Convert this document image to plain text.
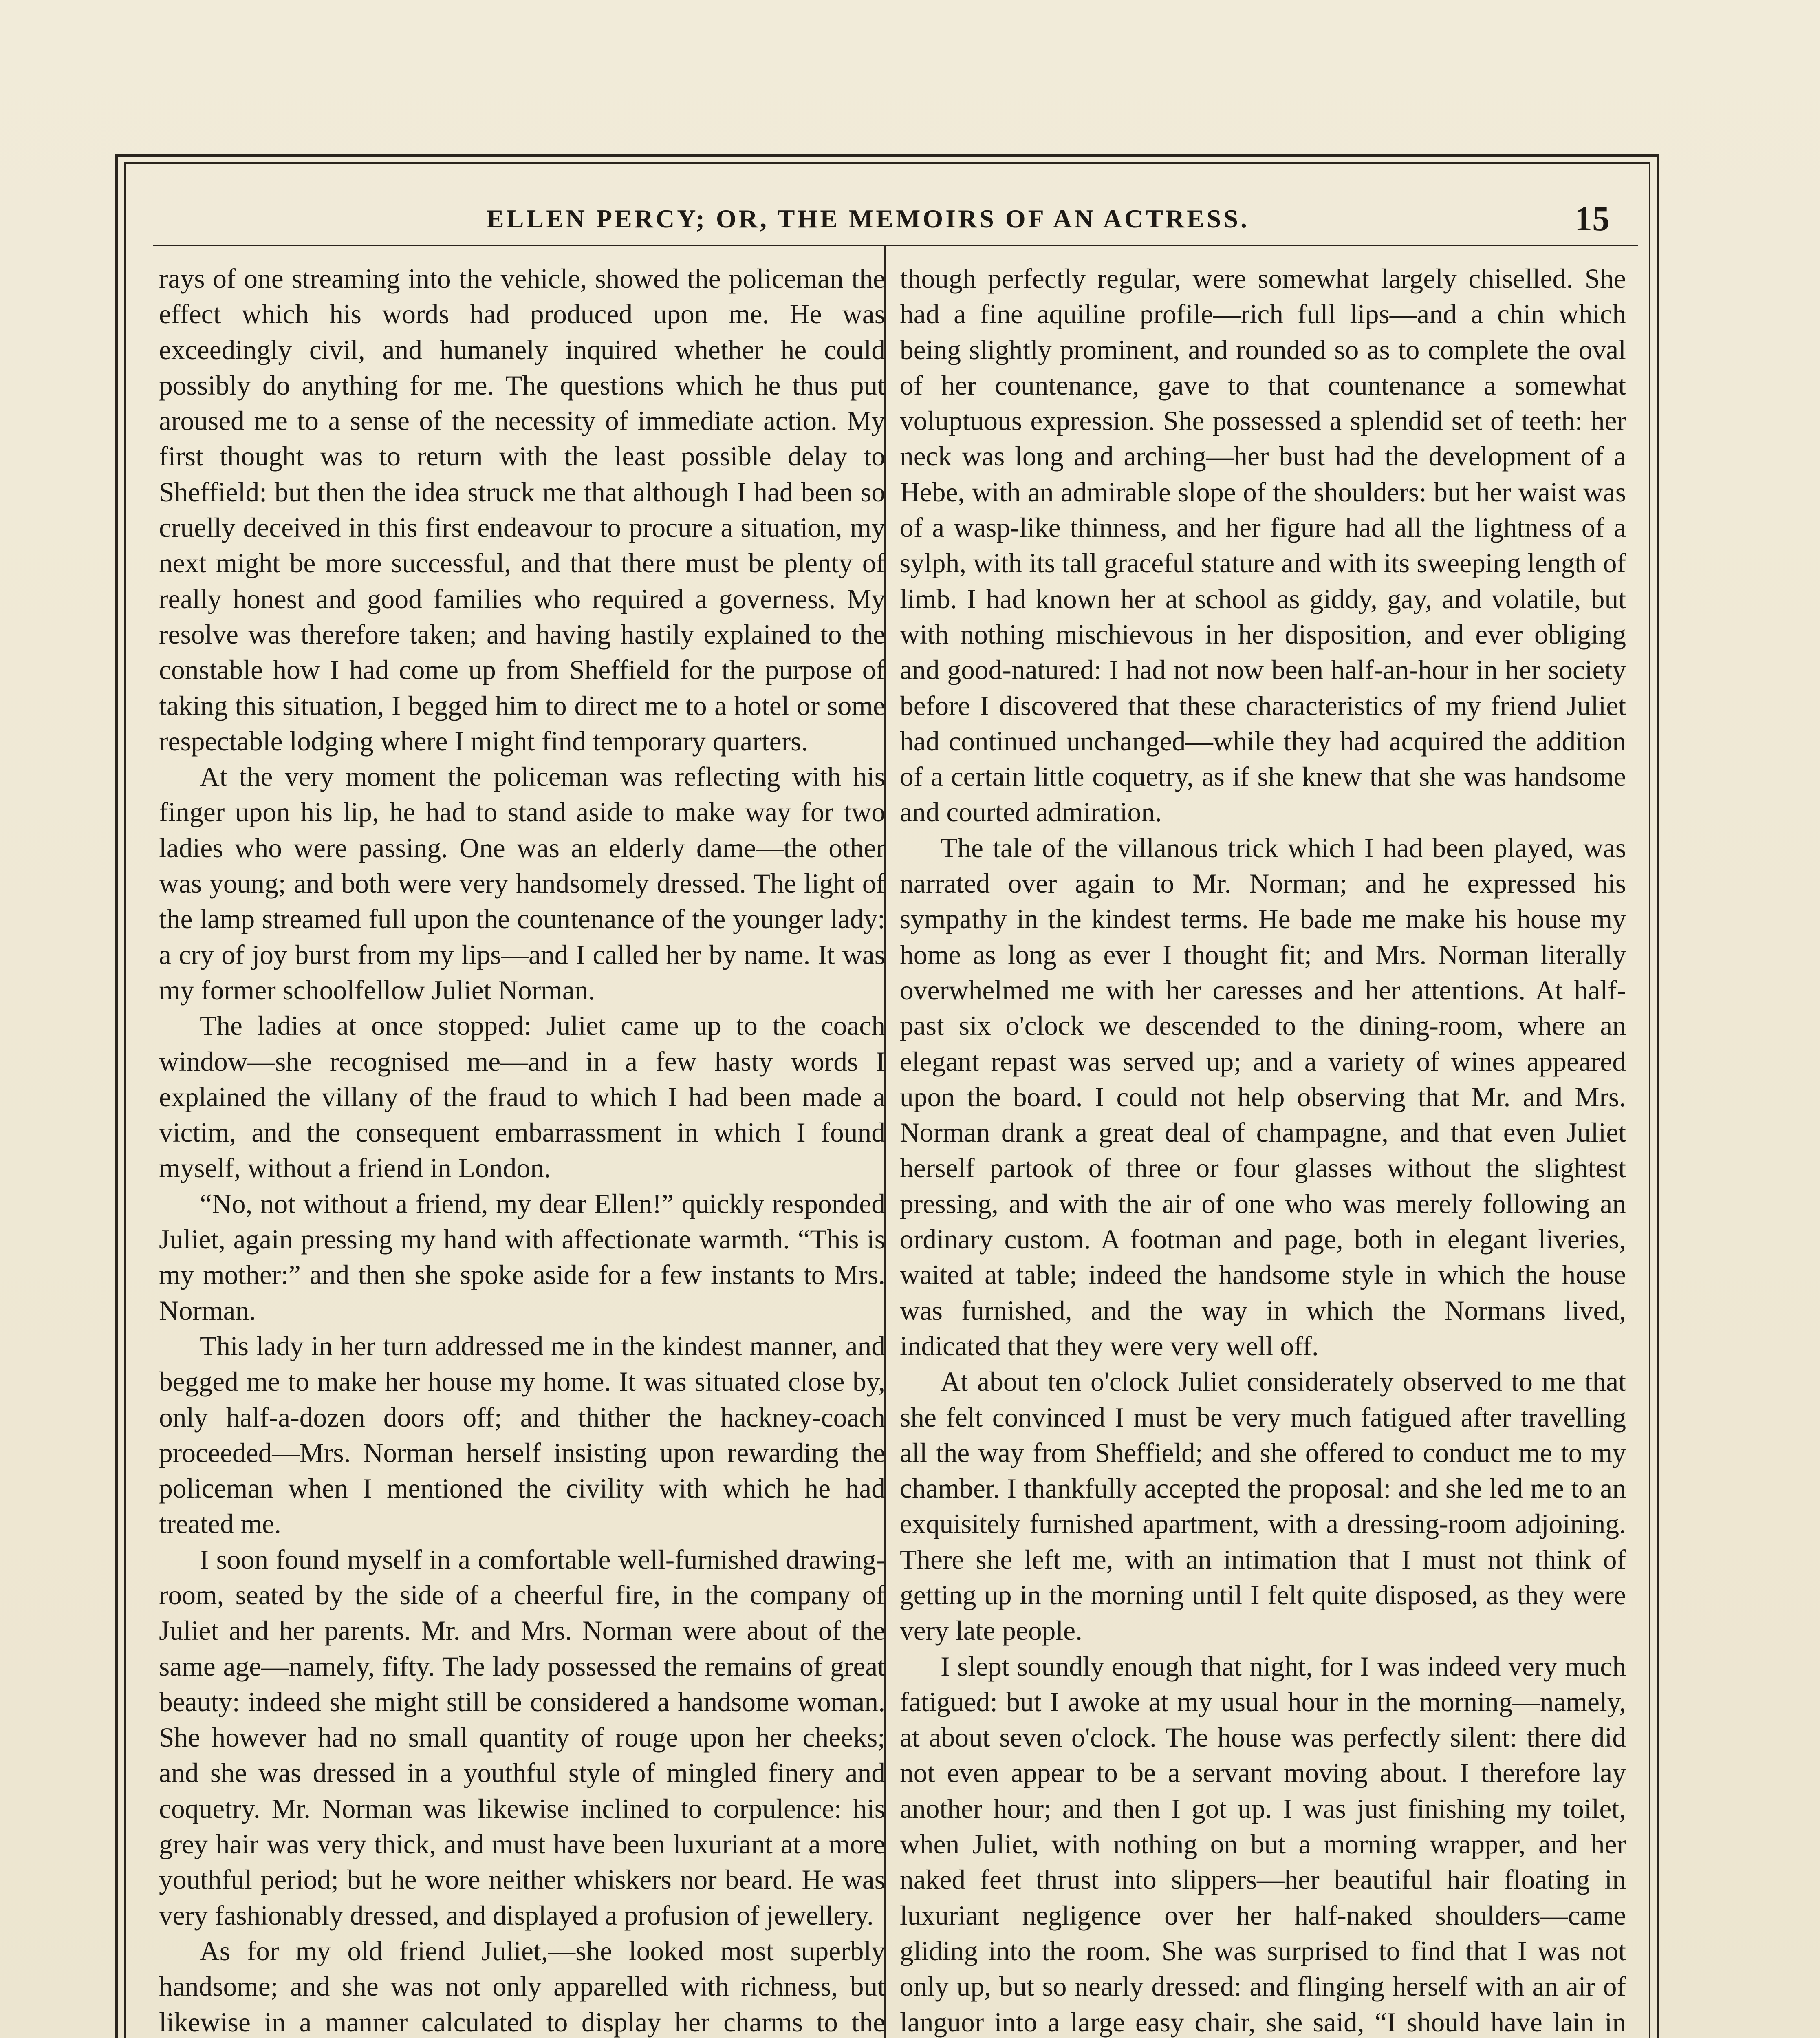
ELLEN PERCY; OR, THE MEMOIRS OF AN ACTRESS.	15

rays of one streaming into the vehicle, showed the policeman the effect which his words had produced upon me. He was exceedingly civil, and humanely inquired whether he could possibly do anything for me. The questions which he thus put aroused me to a sense of the necessity of immediate action. My first thought was to return with the least possible delay to Sheffield: but then the idea struck me that although I had been so cruelly deceived in this first endeavour to procure a situation, my next might be more successful, and that there must be plenty of really honest and good families who required a governess. My resolve was therefore taken; and having hastily explained to the constable how I had come up from Sheffield for the purpose of taking this situation, I begged him to direct me to a hotel or some respectable lodging where I might find temporary quarters.

At the very moment the policeman was reflecting with his finger upon his lip, he had to stand aside to make way for two ladies who were passing. One was an elderly dame—the other was young; and both were very handsomely dressed. The light of the lamp streamed full upon the countenance of the younger lady: a cry of joy burst from my lips—and I called her by name. It was my former schoolfellow Juliet Norman.

The ladies at once stopped: Juliet came up to the coach window—she recognised me—and in a few hasty words I explained the villany of the fraud to which I had been made a victim, and the consequent embarrassment in which I found myself, without a friend in London.

“No, not without a friend, my dear Ellen!” quickly responded Juliet, again pressing my hand with affectionate warmth. “This is my mother:” and then she spoke aside for a few instants to Mrs. Norman.

This lady in her turn addressed me in the kindest manner, and begged me to make her house my home. It was situated close by, only half-a-dozen doors off; and thither the hackney-coach proceeded—Mrs. Norman herself insisting upon rewarding the policeman when I mentioned the civility with which he had treated me.

I soon found myself in a comfortable well-furnished drawing-room, seated by the side of a cheerful fire, in the company of Juliet and her parents. Mr. and Mrs. Norman were about of the same age—namely, fifty. The lady possessed the remains of great beauty: indeed she might still be considered a handsome woman. She however had no small quantity of rouge upon her cheeks; and she was dressed in a youthful style of mingled finery and coquetry. Mr. Norman was likewise inclined to corpulence: his grey hair was very thick, and must have been luxuriant at a more youthful period; but he wore neither whiskers nor beard. He was very fashionably dressed, and displayed a profusion of jewellery.

As for my old friend Juliet,—she looked most superbly handsome; and she was not only apparelled with richness, but likewise in a manner calculated to display her charms to the

though perfectly regular, were somewhat largely chiselled. She had a fine aquiline profile—rich full lips—and a chin which being slightly prominent, and rounded so as to complete the oval of her countenance, gave to that countenance a somewhat voluptuous expression. She possessed a splendid set of teeth: her neck was long and arching—her bust had the development of a Hebe, with an admirable slope of the shoulders: but her waist was of a wasp-like thinness, and her figure had all the lightness of a sylph, with its tall graceful stature and with its sweeping length of limb. I had known her at school as giddy, gay, and volatile, but with nothing mischievous in her disposition, and ever obliging and good-natured: I had not now been half-an-hour in her society before I discovered that these characteristics of my friend Juliet had continued unchanged—while they had acquired the addition of a certain little coquetry, as if she knew that she was handsome and courted admiration.

The tale of the villanous trick which I had been played, was narrated over again to Mr. Norman; and he expressed his sympathy in the kindest terms. He bade me make his house my home as long as ever I thought fit; and Mrs. Norman literally overwhelmed me with her caresses and her attentions. At half-past six o'clock we descended to the dining-room, where an elegant repast was served up; and a variety of wines appeared upon the board. I could not help observing that Mr. and Mrs. Norman drank a great deal of champagne, and that even Juliet herself partook of three or four glasses without the slightest pressing, and with the air of one who was merely following an ordinary custom. A footman and page, both in elegant liveries, waited at table; indeed the handsome style in which the house was furnished, and the way in which the Normans lived, indicated that they were very well off.

At about ten o'clock Juliet considerately observed to me that she felt convinced I must be very much fatigued after travelling all the way from Sheffield; and she offered to conduct me to my chamber. I thankfully accepted the proposal: and she led me to an exquisitely furnished apartment, with a dressing-room adjoining. There she left me, with an intimation that I must not think of getting up in the morning until I felt quite disposed, as they were very late people.

I slept soundly enough that night, for I was indeed very much fatigued: but I awoke at my usual hour in the morning—namely, at about seven o'clock. The house was perfectly silent: there did not even appear to be a servant moving about. I therefore lay another hour; and then I got up. I was just finishing my toilet, when Juliet, with nothing on but a morning wrapper, and her naked feet thrust into slippers—her beautiful hair floating in luxuriant negligence over her half-naked shoulders—came gliding into the room. She was surprised to find that I was not only up, but so nearly dressed: and flinging herself with an air of languor into a large easy chair, she said, “I should have lain in
